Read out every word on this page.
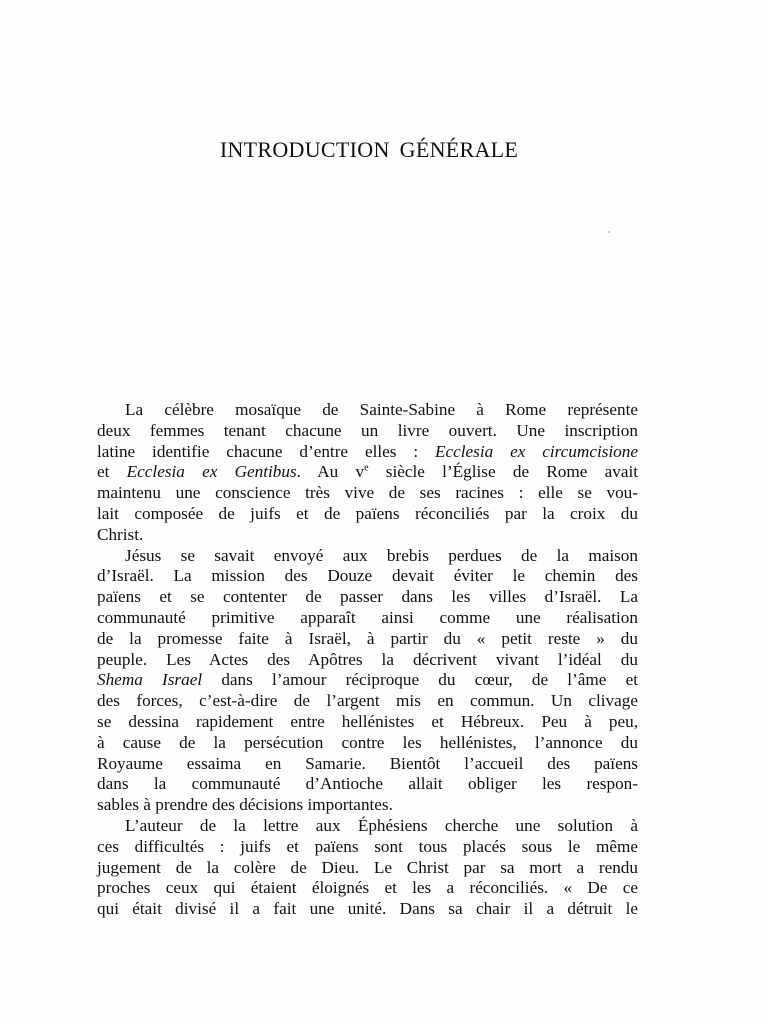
INTRODUCTION GÉNÉRALE

La célèbre mosaïque de Sainte-Sabine à Rome représente
deux femmes tenant chacune un livre ouvert. Une inscription
latine identifie chacune d’entre elles : Ecclesia ex circumcisione
et Ecclesia ex Gentibus. Au $v^e$ siècle l’Église de Rome avait
maintenu une conscience très vive de ses racines : elle se vou-
lait composée de juifs et de païens réconciliés par la croix du
Christ.

Jésus se savait envoyé aux brebis perdues de la maison
d’Israël. La mission des Douze devait éviter le chemin des
païens et se contenter de passer dans les villes d’Israël. La
communauté primitive apparaît ainsi comme une réalisation
de la promesse faite à Israël, à partir du « petit reste » du
peuple. Les Actes des Apôtres la décrivent vivant l’idéal du
Shema Israel dans l’amour réciproque du cœur, de l’âme et
des forces, c’est-à-dire de l’argent mis en commun. Un clivage
se dessina rapidement entre hellénistes et Hébreux. Peu à peu,
à cause de la persécution contre les hellénistes, l’annonce du
Royaume essaima en Samarie. Bientôt l’accueil des païens
dans la communauté d’Antioche allait obliger les respon-
sables à prendre des décisions importantes.

L’auteur de la lettre aux Éphésiens cherche une solution à
ces difficultés : juifs et païens sont tous placés sous le même
jugement de la colère de Dieu. Le Christ par sa mort a rendu
proches ceux qui étaient éloignés et les a réconciliés. « De ce
qui était divisé il a fait une unité. Dans sa chair il a détruit le
